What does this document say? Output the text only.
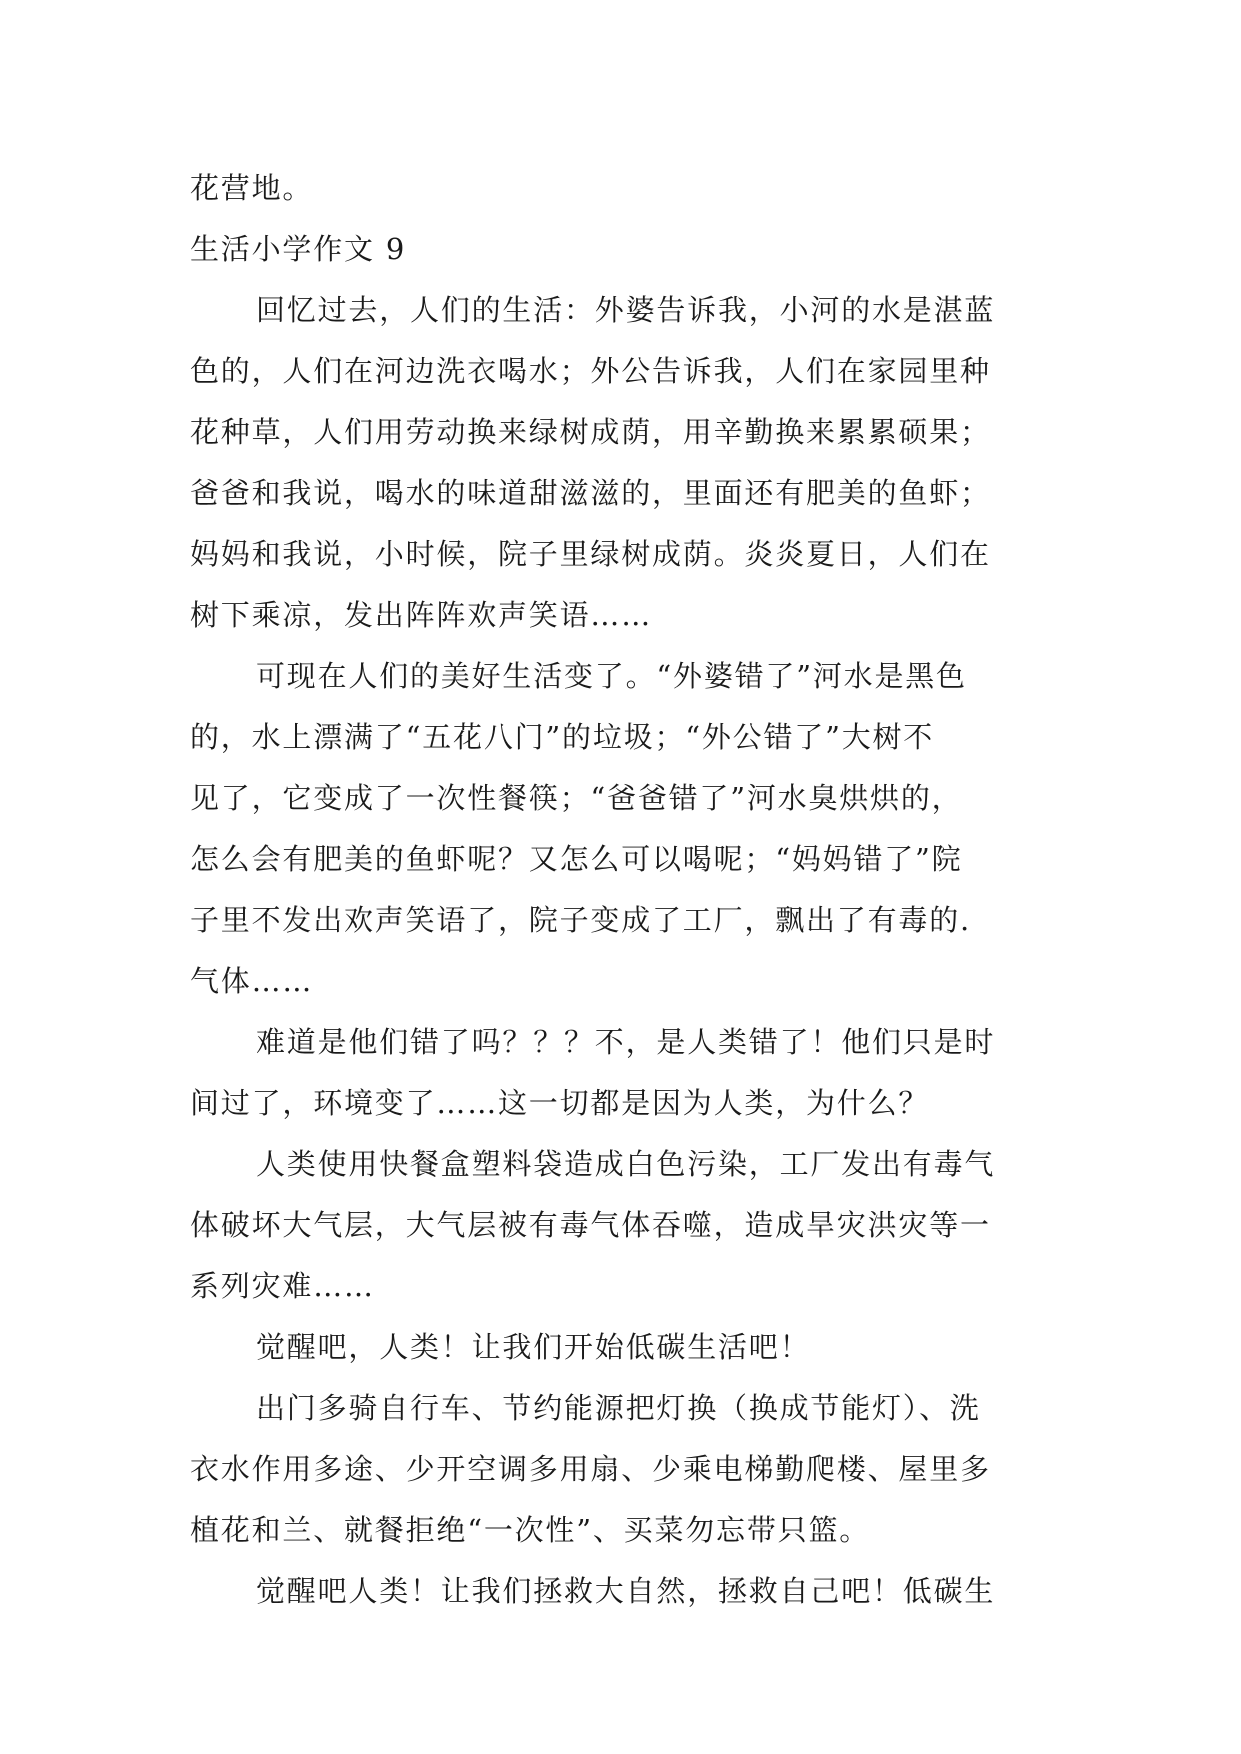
花营地。
生活小学作文 9
回忆过去，人们的生活：外婆告诉我，小河的水是湛蓝
色的，人们在河边洗衣喝水；外公告诉我，人们在家园里种
花种草，人们用劳动换来绿树成荫，用辛勤换来累累硕果；
爸爸和我说，喝水的味道甜滋滋的，里面还有肥美的鱼虾；
妈妈和我说，小时候，院子里绿树成荫。炎炎夏日，人们在
树下乘凉，发出阵阵欢声笑语……
可现在人们的美好生活变了。“外婆错了”河水是黑色
的，水上漂满了“五花八门”的垃圾；“外公错了”大树不
见了，它变成了一次性餐筷；“爸爸错了”河水臭烘烘的，
怎么会有肥美的鱼虾呢？又怎么可以喝呢；“妈妈错了”院
子里不发出欢声笑语了，院子变成了工厂，飘出了有毒的.
气体……
难道是他们错了吗？？？不，是人类错了！他们只是时
间过了，环境变了……这一切都是因为人类，为什么？
人类使用快餐盒塑料袋造成白色污染，工厂发出有毒气
体破坏大气层，大气层被有毒气体吞噬，造成旱灾洪灾等一
系列灾难……
觉醒吧，人类！让我们开始低碳生活吧！
出门多骑自行车、节约能源把灯换（换成节能灯）、洗
衣水作用多途、少开空调多用扇、少乘电梯勤爬楼、屋里多
植花和兰、就餐拒绝“一次性”、买菜勿忘带只篮。
觉醒吧人类！让我们拯救大自然，拯救自己吧！低碳生
